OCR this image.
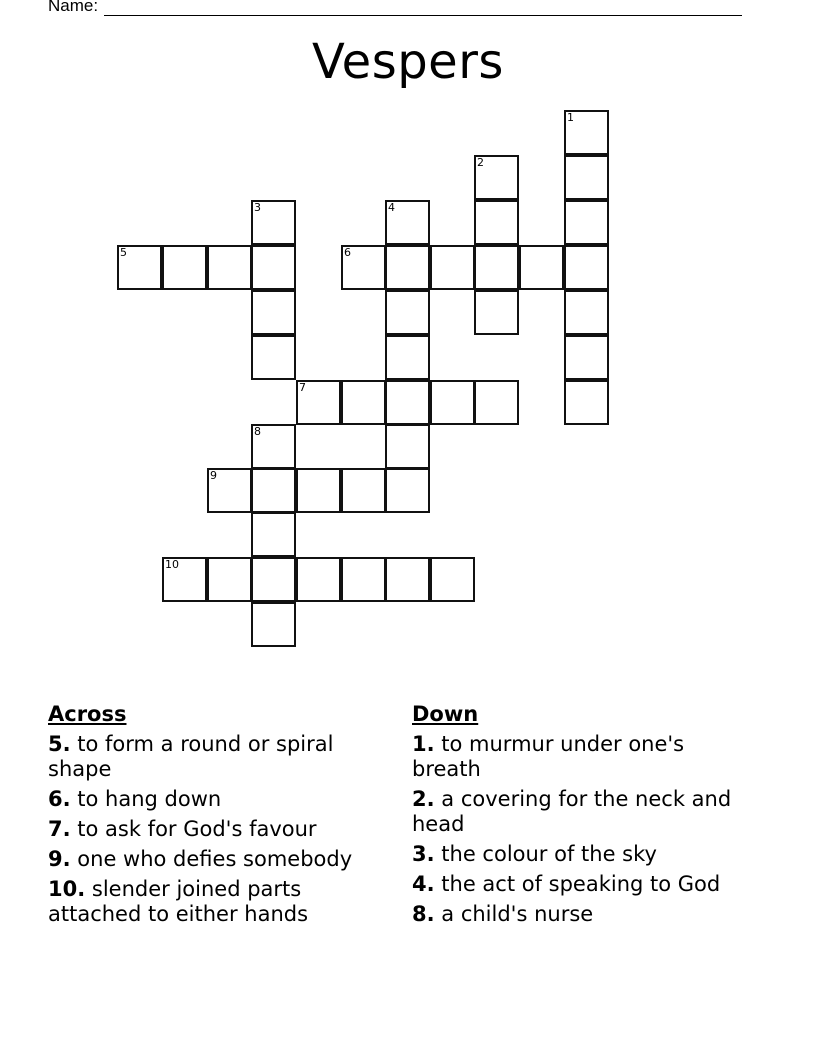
Name:
Vespers
1
2
3	4
5	6
7
8
9
10
Across
5. to form a round or spiral shape
6. to hang down
7. to ask for God's favour
9. one who defies somebody
10. slender joined parts attached to either hands
Down
1. to murmur under one's breath
2. a covering for the neck and head
3. the colour of the sky
4. the act of speaking to God
8. a child's nurse
